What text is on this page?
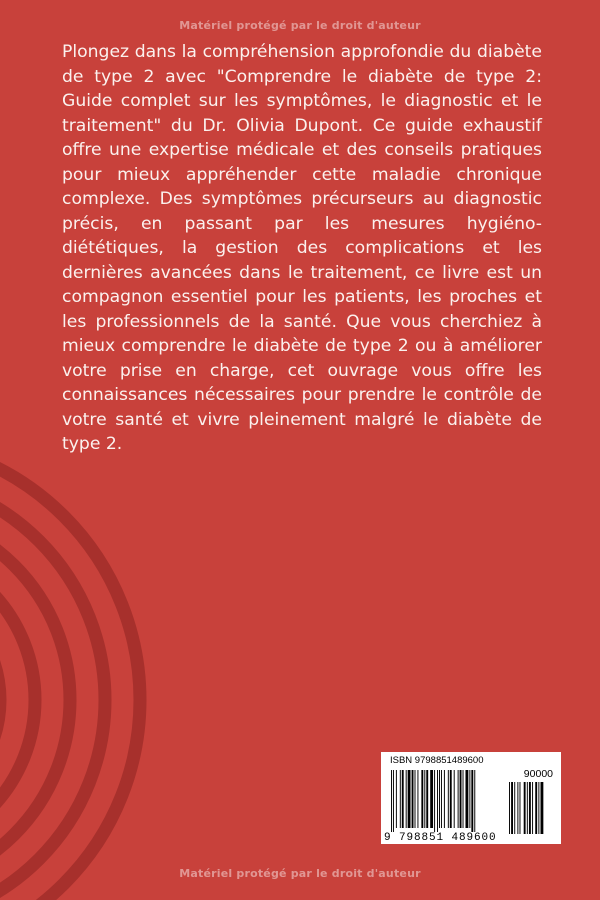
Matériel protégé par le droit d'auteur

Plongez dans la compréhension approfondie du diabète de type 2 avec "Comprendre le diabète de type 2: Guide complet sur les symptômes, le diagnostic et le traitement" du Dr. Olivia Dupont. Ce guide exhaustif offre une expertise médicale et des conseils pratiques pour mieux appréhender cette maladie chronique complexe. Des symptômes précurseurs au diagnostic précis, en passant par les mesures hygiéno-diététiques, la gestion des complications et les dernières avancées dans le traitement, ce livre est un compagnon essentiel pour les patients, les proches et les professionnels de la santé. Que vous cherchiez à mieux comprendre le diabète de type 2 ou à améliorer votre prise en charge, cet ouvrage vous offre les connaissances nécessaires pour prendre le contrôle de votre santé et vivre pleinement malgré le diabète de type 2.

ISBN 9798851489600
90000
9 798851 489600
Matériel protégé par le droit d'auteur
